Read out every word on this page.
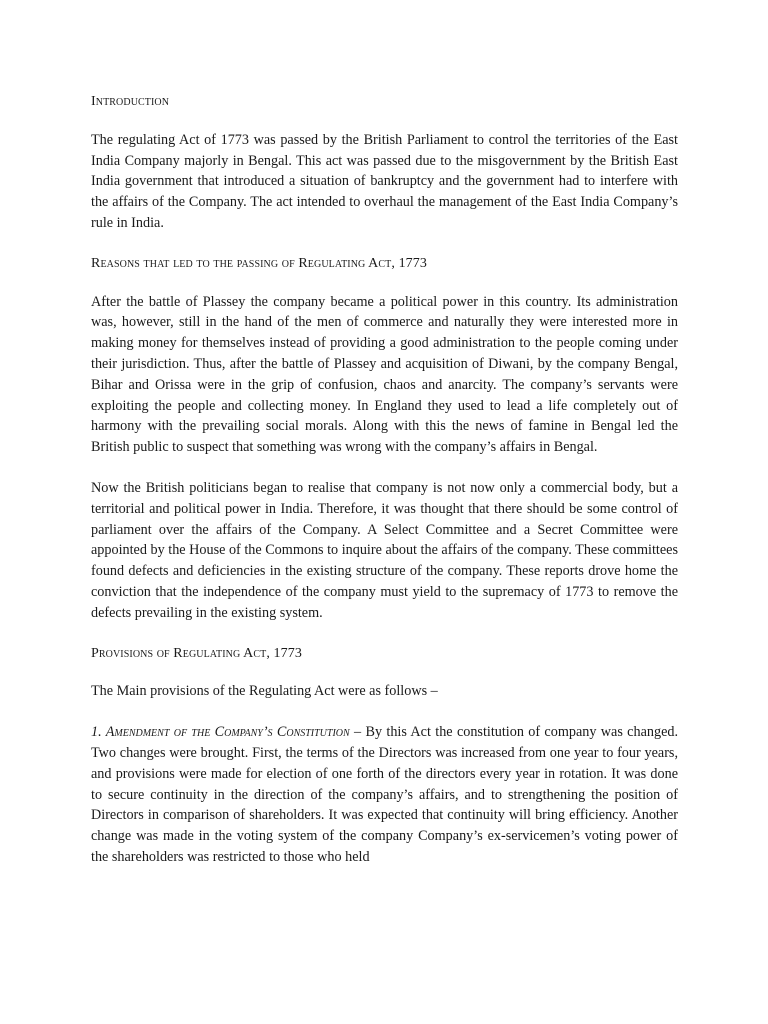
Introduction

The regulating Act of 1773 was passed by the British Parliament to control the territories of the East India Company majorly in Bengal. This act was passed due to the misgovernment by the British East India government that introduced a situation of bankruptcy and the government had to interfere with the affairs of the Company. The act intended to overhaul the management of the East India Company’s rule in India.

Reasons that led to the passing of Regulating Act, 1773

After the battle of Plassey the company became a political power in this country. Its administration was, however, still in the hand of the men of commerce and naturally they were interested more in making money for themselves instead of providing a good administration to the people coming under their jurisdiction. Thus, after the battle of Plassey and acquisition of Diwani, by the company Bengal, Bihar and Orissa were in the grip of confusion, chaos and anarcity. The company’s servants were exploiting the people and collecting money. In England they used to lead a life completely out of harmony with the prevailing social morals. Along with this the news of famine in Bengal led the British public to suspect that something was wrong with the company’s affairs in Bengal.

Now the British politicians began to realise that company is not now only a commercial body, but a territorial and political power in India. Therefore, it was thought that there should be some control of parliament over the affairs of the Company. A Select Committee and a Secret Committee were appointed by the House of the Commons to inquire about the affairs of the company. These committees found defects and deficiencies in the existing structure of the company. These reports drove home the conviction that the independence of the company must yield to the supremacy of 1773 to remove the defects prevailing in the existing system.

Provisions of Regulating Act, 1773

The Main provisions of the Regulating Act were as follows –

1. Amendment of the Company’s Constitution – By this Act the constitution of company was changed. Two changes were brought. First, the terms of the Directors was increased from one year to four years, and provisions were made for election of one forth of the directors every year in rotation. It was done to secure continuity in the direction of the company’s affairs, and to strengthening the position of Directors in comparison of shareholders. It was expected that continuity will bring efficiency. Another change was made in the voting system of the company Company’s ex-servicemen’s voting power of the shareholders was restricted to those who held
